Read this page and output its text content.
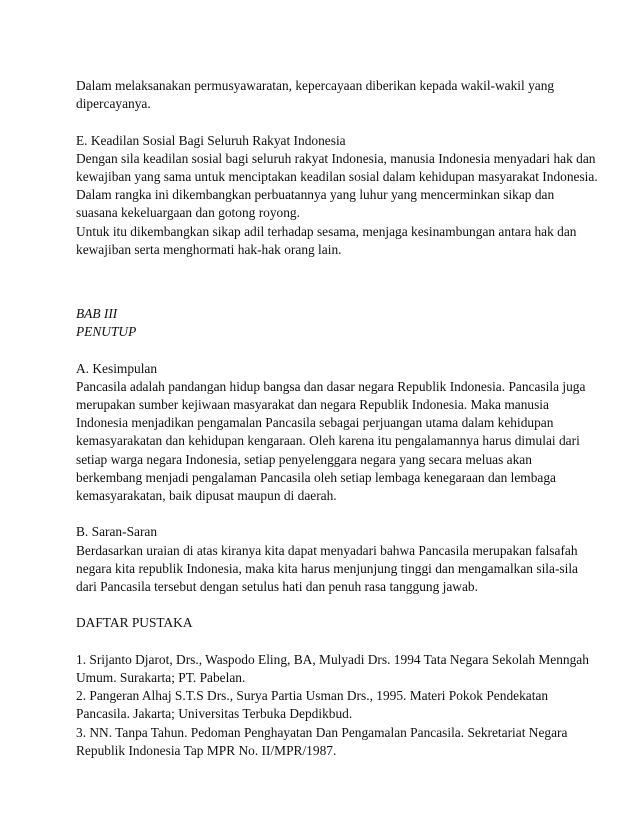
Dalam melaksanakan permusyawaratan, kepercayaan diberikan kepada wakil-wakil yang
dipercayanya.
E. Keadilan Sosial Bagi Seluruh Rakyat Indonesia
Dengan sila keadilan sosial bagi seluruh rakyat Indonesia, manusia Indonesia menyadari hak dan
kewajiban yang sama untuk menciptakan keadilan sosial dalam kehidupan masyarakat Indonesia.
Dalam rangka ini dikembangkan perbuatannya yang luhur yang mencerminkan sikap dan
suasana kekeluargaan dan gotong royong.
Untuk itu dikembangkan sikap adil terhadap sesama, menjaga kesinambungan antara hak dan
kewajiban serta menghormati hak-hak orang lain.
BAB III
PENUTUP
A. Kesimpulan
Pancasila adalah pandangan hidup bangsa dan dasar negara Republik Indonesia. Pancasila juga
merupakan sumber kejiwaan masyarakat dan negara Republik Indonesia. Maka manusia
Indonesia menjadikan pengamalan Pancasila sebagai perjuangan utama dalam kehidupan
kemasyarakatan dan kehidupan kengaraan. Oleh karena itu pengalamannya harus dimulai dari
setiap warga negara Indonesia, setiap penyelenggara negara yang secara meluas akan
berkembang menjadi pengalaman Pancasila oleh setiap lembaga kenegaraan dan lembaga
kemasyarakatan, baik dipusat maupun di daerah.
B. Saran-Saran
Berdasarkan uraian di atas kiranya kita dapat menyadari bahwa Pancasila merupakan falsafah
negara kita republik Indonesia, maka kita harus menjunjung tinggi dan mengamalkan sila-sila
dari Pancasila tersebut dengan setulus hati dan penuh rasa tanggung jawab.
DAFTAR PUSTAKA
1. Srijanto Djarot, Drs., Waspodo Eling, BA, Mulyadi Drs. 1994 Tata Negara Sekolah Menngah
Umum. Surakarta; PT. Pabelan.
2. Pangeran Alhaj S.T.S Drs., Surya Partia Usman Drs., 1995. Materi Pokok Pendekatan
Pancasila. Jakarta; Universitas Terbuka Depdikbud.
3. NN. Tanpa Tahun. Pedoman Penghayatan Dan Pengamalan Pancasila. Sekretariat Negara
Republik Indonesia Tap MPR No. II/MPR/1987.
